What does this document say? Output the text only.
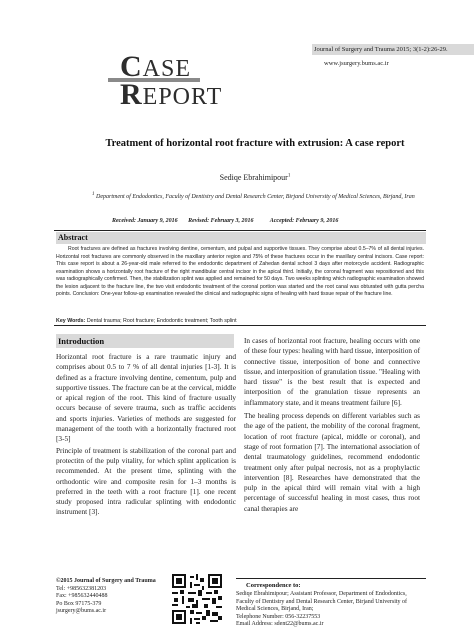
CASE
REPORT
Journal of Surgery and Trauma 2015; 3(1-2):26-29.
www.jsurgery.bums.ac.ir
Treatment of horizontal root fracture with extrusion: A case report
Sediqe Ebrahimipour$^1$
$^1$ Department of Endodontics, Faculty of Dentistry and Dental Research Center, Birjand University of Medical Sciences, Birjand, Iran
Received: January 9, 2016 Revised: February 3, 2016	Accepted: February 9, 2016
Abstract
Root fractures are defined as fractures involving dentine, cementum, and pulpal and supportive tissues. They comprise about 0.5–7% of all dental injuries. Horizontal root fractures are commonly observed in the maxillary anterior region and 75% of these fractures occur in the maxillary central incisors. Case report: This case report is about a 26-year-old male referred to the endodontic department of Zahedan dental school 3 days after motorcycle accident. Radiographic examination shows a horizontally root fracture of the right mandibular central incisor in the apical third. Initially, the coronal fragment was repositioned and this was radiographically confirmed. Then, the stabilization splint was applied and remained for 50 days. Two weeks splinting which radiographic examination showed the lesion adjacent to the fracture line, the two visit endodontic treatment of the coronal portion was started and the root canal was obturated with gutta percha points. Conclusion: One-year follow-up examination revealed the clinical and radiographic signs of healing with hard tissue repair of the fracture line.
Key Words: Dental trauma; Root fracture; Endodontic treatment; Tooth splint
Introduction

Horizontal root fracture is a rare traumatic injury and comprises about 0.5 to 7 % of all dental injuries [1-3]. It is defined as a fracture involving dentine, cementum, pulp and supportive tissues. The fracture can be at the cervical, middle or apical region of the root. This kind of fracture usually occurs because of severe trauma, such as traffic accidents and sports injuries. Varieties of methods are suggested for management of the tooth with a horizontally fractured root [3-5]

Principle of treatment is stabilization of the coronal part and protectitn of the pulp vitality, for which splint application is recommended. At the present time, splinting with the orthodontic wire and composite resin for 1–3 months is preferred in the teeth with a root fracture [1]. one recent study proposed intra radicular splinting with endodontic instrument [3].

In cases of horizontal root fracture, healing occurs with one of these four types: healing with hard tissue, interposition of connective tissue, interposition of bone and connective tissue, and interposition of granulation tissue. "Healing with hard tissue" is the best result that is expected and interposition of the granulation tissue represents an inflammatory state, and it means treatment failure [6].

The healing process depends on different variables such as the age of the patient, the mobility of the coronal fragment, location of root fracture (apical, middle or coronal), and stage of root formation [7]. The international association of dental traumatology guidelines, recommend endodontic treatment only after pulpal necrosis, not as a prophylactic intervention [8]. Researches have demonstrated that the pulp in the apical third will remain vital with a high percentage of successful healing in most cases, thus root canal therapies are

©2015 Journal of Surgery and Trauma
Tel: +985632381203
Fax: +985632440488
Po Box 97175-379
jsurgery@bums.ac.ir
Correspondence to:
Sediqe Ebrahimipour; Assistant Professor, Department of Endodontics, Faculty of Dentistry and Dental Research Center, Birjand University of Medical Sciences, Birjand, Iran;
Telephone Number: 056-32237553
Email Address: sdent22@bums.ac.ir
